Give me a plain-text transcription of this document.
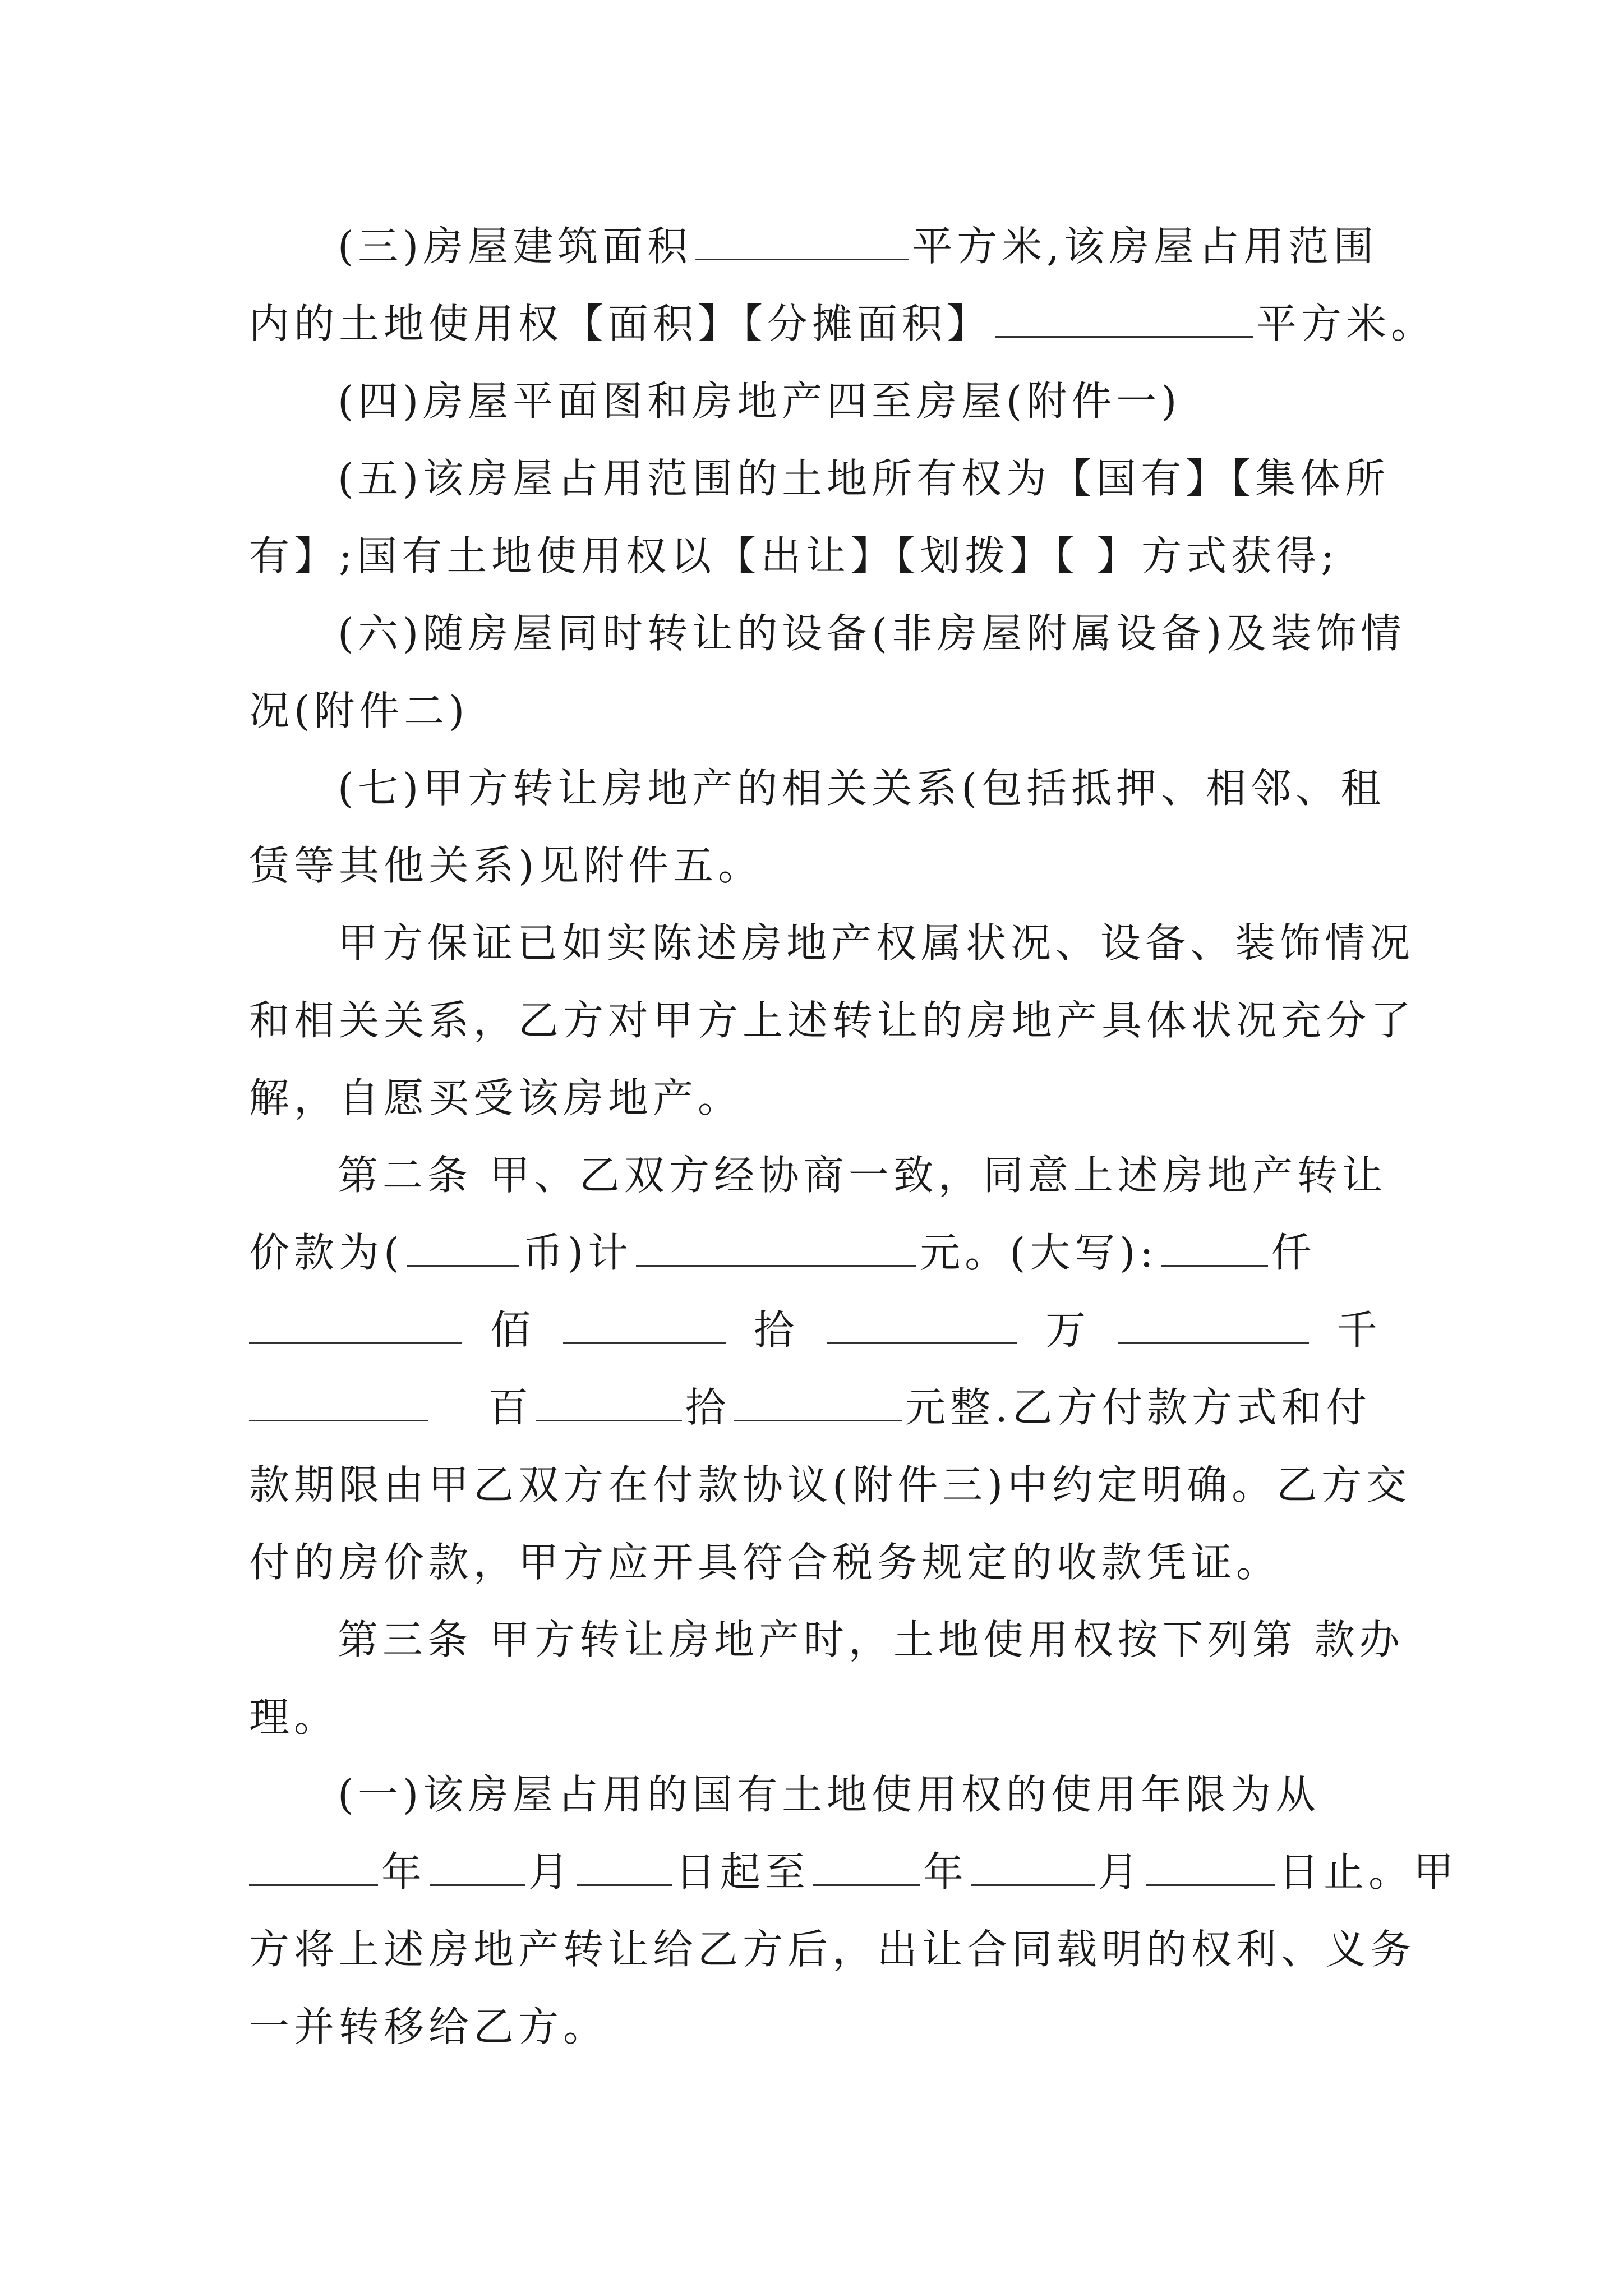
(三)房屋建筑面积	平方米,该房屋占用范围
内的土地使用权【面积】【分摊面积】	平方米。
(四)房屋平面图和房地产四至房屋(附件一)
(五)该房屋占用范围的土地所有权为【国有】【集体所
有】;国有土地使用权以【出让】【划拨】【 】方式获得;
(六)随房屋同时转让的设备(非房屋附属设备)及装饰情
况(附件二)
(七)甲方转让房地产的相关关系(包括抵押、相邻、租
赁等其他关系)见附件五。
甲方保证已如实陈述房地产权属状况、设备、装饰情况
和相关关系，乙方对甲方上述转让的房地产具体状况充分了
解，自愿买受该房地产。
第二条 甲、乙双方经协商一致，同意上述房地产转让
价款为(	币)计	元。(大写):	仟
佰	拾	万	千
百	拾	元整.乙方付款方式和付
款期限由甲乙双方在付款协议(附件三)中约定明确。乙方交
付的房价款，甲方应开具符合税务规定的收款凭证。
第三条 甲方转让房地产时，土地使用权按下列第 款办
理。
(一)该房屋占用的国有土地使用权的使用年限为从
年	月	日起至	年	月	日止。甲
方将上述房地产转让给乙方后，出让合同载明的权利、义务
一并转移给乙方。
